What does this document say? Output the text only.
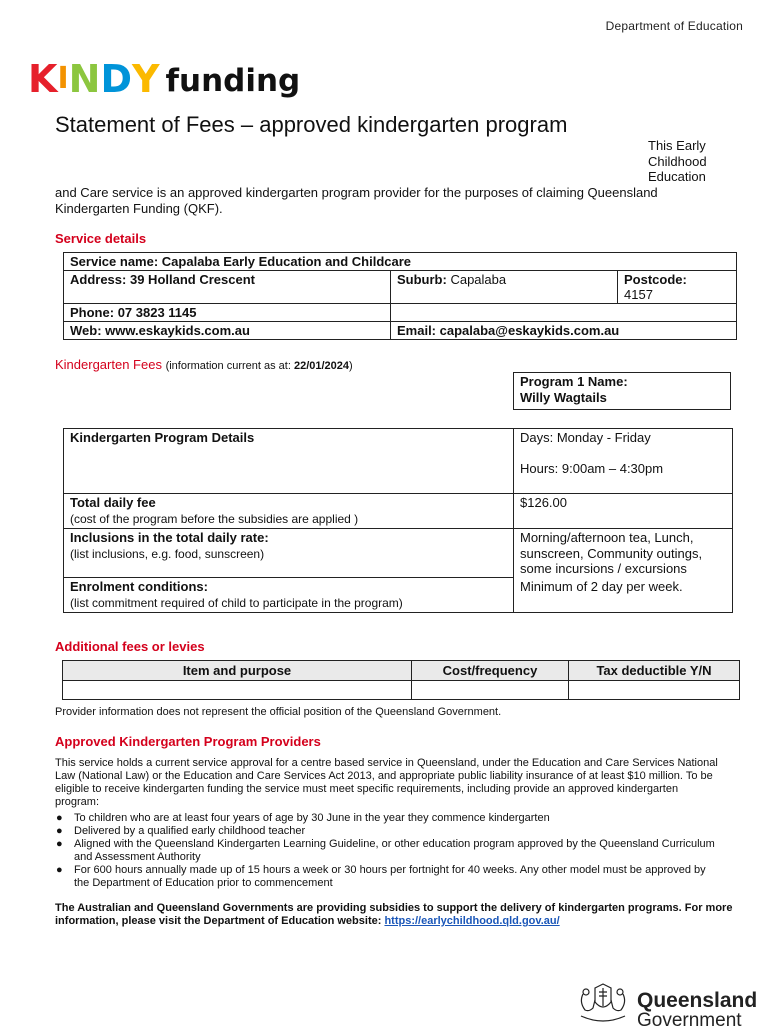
Department of Education
K I N D Y funding
Statement of Fees – approved kindergarten program
This Early Childhood Education
and Care service is an approved kindergarten program provider for the purposes of claiming Queensland Kindergarten Funding (QKF).
Service details
Service name: Capalaba Early Education and Childcare		
Address: 39 Holland Crescent	Suburb: Capalaba	Postcode:
4157
Phone: 07 3823 1145		
Web: www.eskaykids.com.au	Email: capalaba@eskaykids.com.au	
Kindergarten Fees (information current as at: 22/01/2024)
Program 1 Name:
Willy Wagtails
Kindergarten Program Details	Days: Monday - Friday
Hours: 9:00am – 4:30pm

Total daily fee
(cost of the program before the subsidies are applied )	$126.00
Inclusions in the total daily rate:
(list inclusions, e.g. food, sunscreen)	Morning/afternoon tea, Lunch, sunscreen, Community outings, some incursions / excursions
Enrolment conditions:
(list commitment required of child to participate in the program)	Minimum of 2 day per week.
Additional fees or levies
Item and purpose	Cost/frequency	Tax deductible Y/N

Provider information does not represent the official position of the Queensland Government.
Approved Kindergarten Program Providers
This service holds a current service approval for a centre based service in Queensland, under the Education and Care Services National Law (National Law) or the Education and Care Services Act 2013, and appropriate public liability insurance of at least $10 million. To be eligible to receive kindergarten funding the service must meet specific requirements, including provide an approved kindergarten program:
● To children who are at least four years of age by 30 June in the year they commence kindergarten
● Delivered by a qualified early childhood teacher
● Aligned with the Queensland Kindergarten Learning Guideline, or other education program approved by the Queensland Curriculum and Assessment Authority
● For 600 hours annually made up of 15 hours a week or 30 hours per fortnight for 40 weeks. Any other model must be approved by the Department of Education prior to commencement
The Australian and Queensland Governments are providing subsidies to support the delivery of kindergarten programs. For more information, please visit the Department of Education website: https://earlychildhood.qld.gov.au/
Queensland
Government
